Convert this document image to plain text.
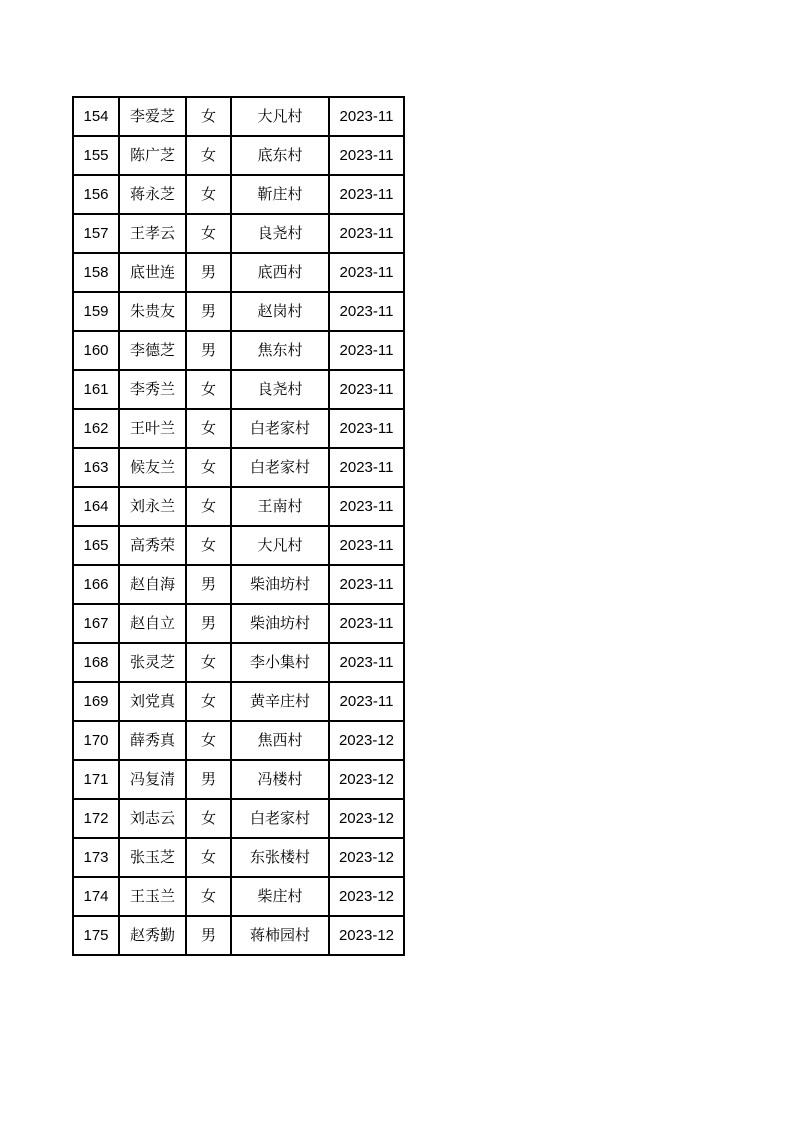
154	李爱芝	女	大凡村	2023-11
155	陈广芝	女	底东村	2023-11
156	蒋永芝	女	靳庄村	2023-11
157	王孝云	女	良尧村	2023-11
158	底世连	男	底西村	2023-11
159	朱贵友	男	赵岗村	2023-11
160	李德芝	男	焦东村	2023-11
161	李秀兰	女	良尧村	2023-11
162	王叶兰	女	白老家村	2023-11
163	候友兰	女	白老家村	2023-11
164	刘永兰	女	王南村	2023-11
165	高秀荣	女	大凡村	2023-11
166	赵自海	男	柴油坊村	2023-11
167	赵自立	男	柴油坊村	2023-11
168	张灵芝	女	李小集村	2023-11
169	刘党真	女	黄辛庄村	2023-11
170	薛秀真	女	焦西村	2023-12
171	冯复清	男	冯楼村	2023-12
172	刘志云	女	白老家村	2023-12
173	张玉芝	女	东张楼村	2023-12
174	王玉兰	女	柴庄村	2023-12
175	赵秀勤	男	蒋柿园村	2023-12
